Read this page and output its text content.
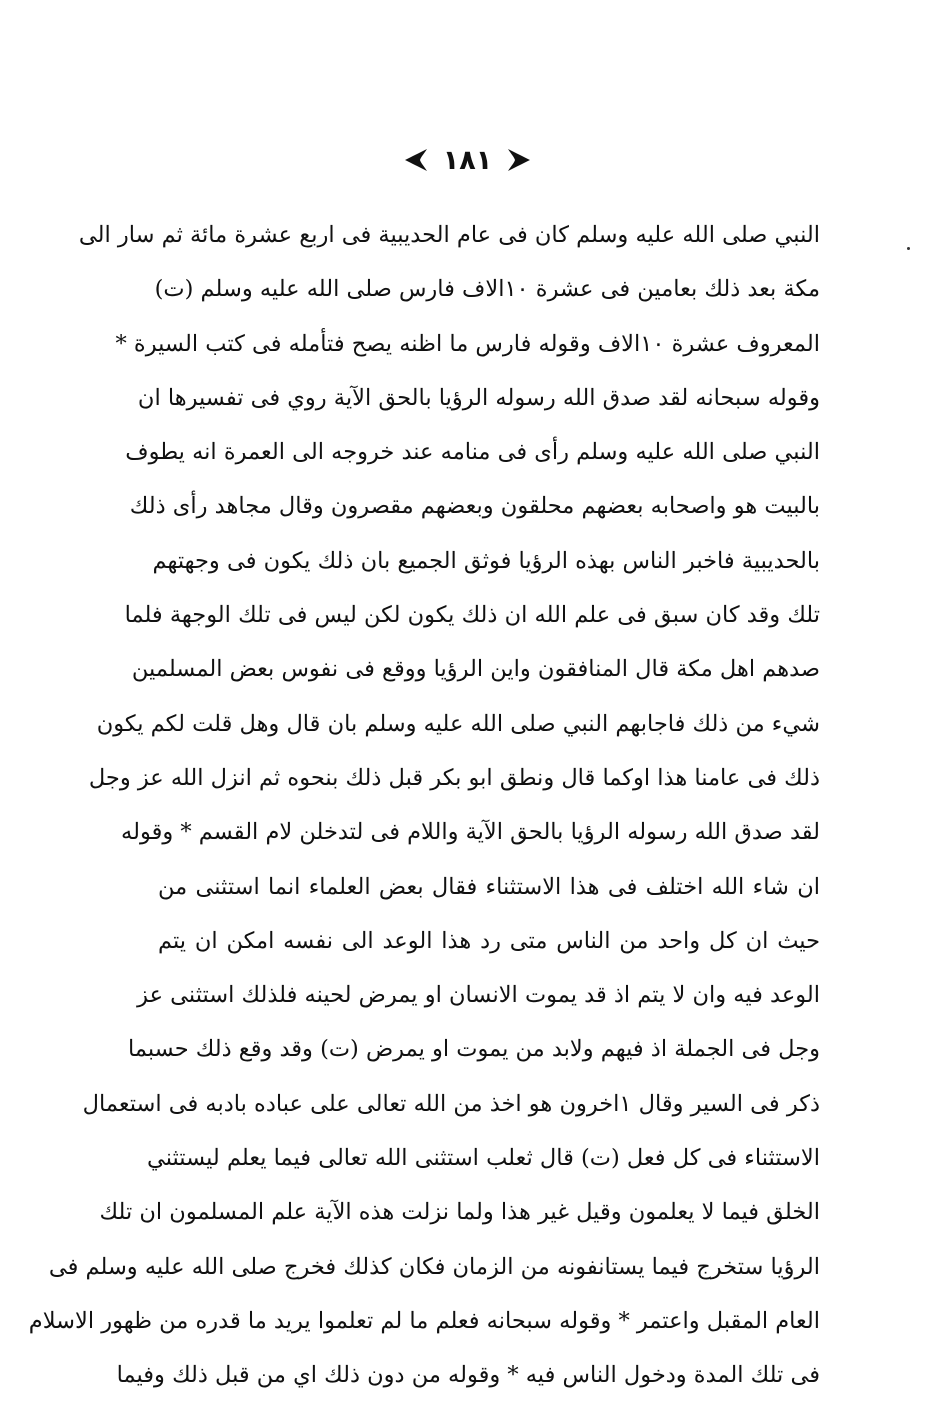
١٨١
النبي صلى الله عليه وسلم كان فى عام الحديبية فى اربع عشرة مائة ثم سار الى
مكة بعد ذلك بعامين فى عشرة ١٠الاف فارس صلى الله عليه وسلم (ت)
المعروف عشرة ١٠الاف وقوله فارس ما اظنه يصح فتأمله فى كتب السيرة *
وقوله سبحانه لقد صدق الله رسوله الرؤيا بالحق الآية روي فى تفسيرها ان
النبي صلى الله عليه وسلم رأى فى منامه عند خروجه الى العمرة انه يطوف
بالبيت هو واصحابه بعضهم محلقون وبعضهم مقصرون وقال مجاهد رأى ذلك
بالحديبية فاخبر الناس بهذه الرؤيا فوثق الجميع بان ذلك يكون فى وجهتهم
تلك وقد كان سبق فى علم الله ان ذلك يكون لكن ليس فى تلك الوجهة فلما
صدهم اهل مكة قال المنافقون واين الرؤيا ووقع فى نفوس بعض المسلمين
شيء من ذلك فاجابهم النبي صلى الله عليه وسلم بان قال وهل قلت لكم يكون
ذلك فى عامنا هذا اوكما قال ونطق ابو بكر قبل ذلك بنحوه ثم انزل الله عز وجل
لقد صدق الله رسوله الرؤيا بالحق الآية واللام فى لتدخلن لام القسم * وقوله
ان شاء الله اختلف فى هذا الاستثناء فقال بعض العلماء انما استثنى من
حيث ان كل واحد من الناس متى رد هذا الوعد الى نفسه امكن ان يتم
الوعد فيه وان لا يتم اذ قد يموت الانسان او يمرض لحينه فلذلك استثنى عز
وجل فى الجملة اذ فيهم ولابد من يموت او يمرض (ت) وقد وقع ذلك حسبما
ذكر فى السير وقال ١اخرون هو اخذ من الله تعالى على عباده بادبه فى استعمال
الاستثناء فى كل فعل (ت) قال ثعلب استثنى الله تعالى فيما يعلم ليستثني
الخلق فيما لا يعلمون وقيل غير هذا ولما نزلت هذه الآية علم المسلمون ان تلك
الرؤيا ستخرج فيما يستانفونه من الزمان فكان كذلك فخرج صلى الله عليه وسلم فى
العام المقبل واعتمر * وقوله سبحانه فعلم ما لم تعلموا يريد ما قدره من ظهور الاسلام
فى تلك المدة ودخول الناس فيه * وقوله من دون ذلك اي من قبل ذلك وفيما
